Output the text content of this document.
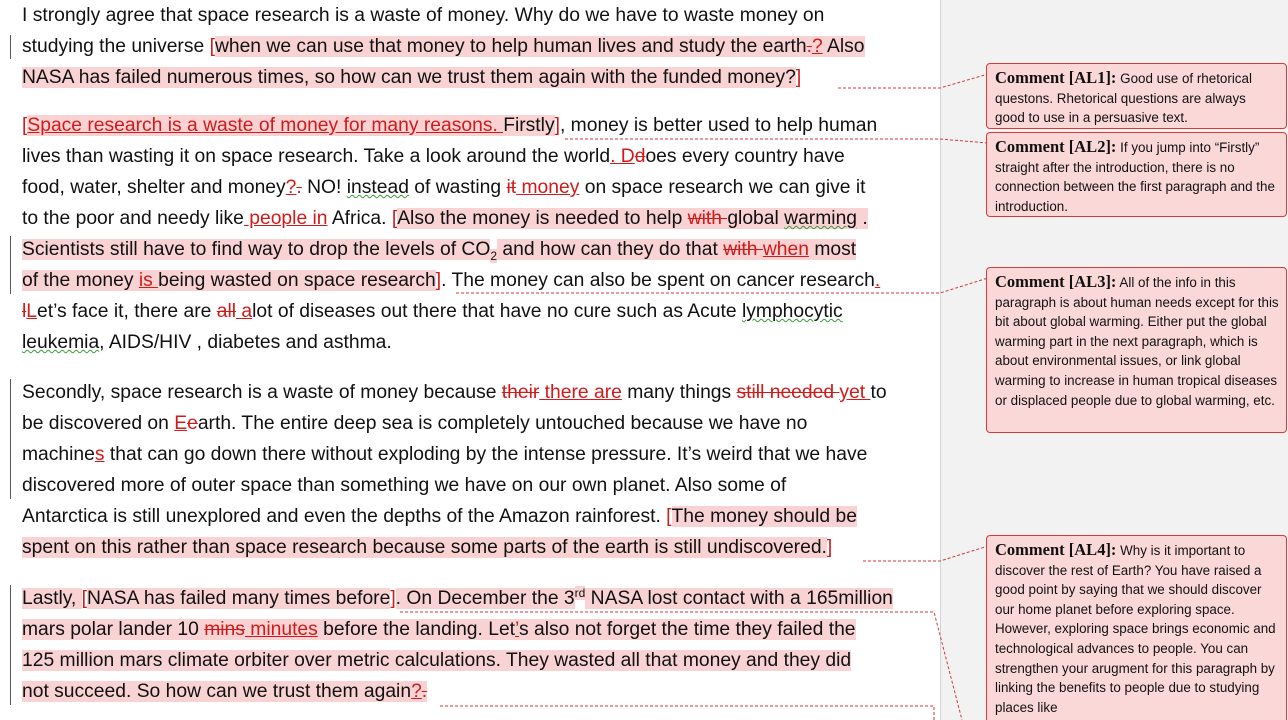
I strongly agree that space research is a waste of money. Why do we have to waste money on
studying the universe [when we can use that money to help human lives and study the earth.? Also
NASA has failed numerous times, so how can we trust them again with the funded money?]
[Space research is a waste of money for many reasons. Firstly], money is better used to help human
lives than wasting it on space research. Take a look around the world. Ddoes every country have
food, water, shelter and money?. NO! instead of wasting it money on space research we can give it
to the poor and needy like people in Africa. [Also the money is needed to help with global warming .
Scientists still have to find way to drop the levels of $CO_2$ and how can they do that with when most
of the money is being wasted on space research]. The money can also be spent on cancer research.
lLet’s face it, there are all alot of diseases out there that have no cure such as Acute lymphocytic
leukemia, AIDS/HIV , diabetes and asthma.
Secondly, space research is a waste of money because their there are many things still needed yet to
be discovered on Eearth. The entire deep sea is completely untouched because we have no
machines that can go down there without exploding by the intense pressure. It’s weird that we have
discovered more of outer space than something we have on our own planet. Also some of
Antarctica is still unexplored and even the depths of the Amazon rainforest. [The money should be
spent on this rather than space research because some parts of the earth is still undiscovered.]
Lastly, [NASA has failed many times before]. On December the 3rd NASA lost contact with a 165million
mars polar lander 10 mins minutes before the landing. Let’s also not forget the time they failed the
125 million mars climate orbiter over metric calculations. They wasted all that money and they did
not succeed. So how can we trust them again?.
Comment [AL1]: Good use of rhetorical questons. Rhetorical questions are always good to use in a persuasive text.
Comment [AL2]: If you jump into “Firstly” straight after the introduction, there is no connection between the first paragraph and the introduction.
Comment [AL3]: All of the info in this paragraph is about human needs except for this bit about global warming. Either put the global warming part in the next paragraph, which is about environmental issues, or link global warming to increase in human tropical diseases or displaced people due to global warming, etc.
Comment [AL4]: Why is it important to discover the rest of Earth? You have raised a good point by saying that we should discover our home planet before exploring space. However, exploring space brings economic and technological advances to people. You can strengthen your arugment for this paragraph by linking the benefits to people due to studying places like
